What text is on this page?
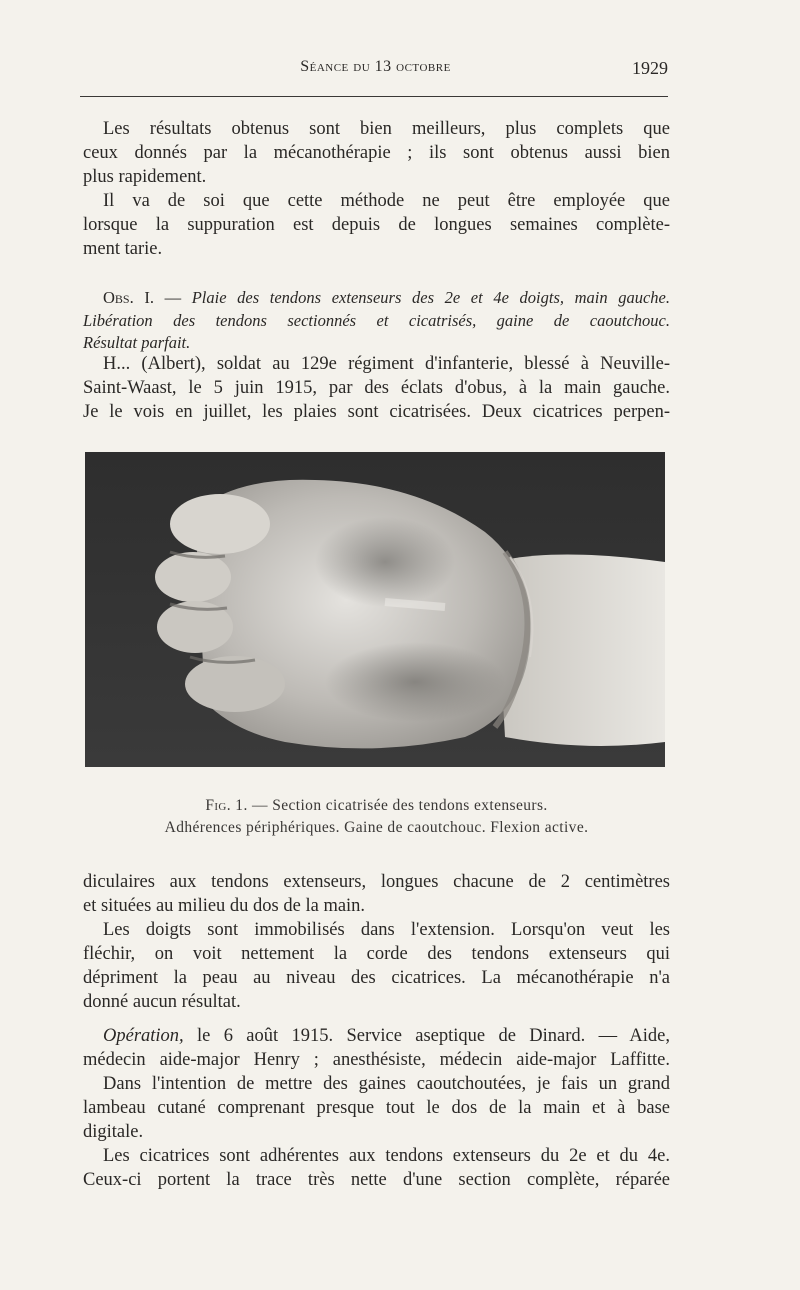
Séance du 13 octobre	1929

Les résultats obtenus sont bien meilleurs, plus complets que

ceux donnés par la mécanothérapie ; ils sont obtenus aussi bien

plus rapidement.

Il va de soi que cette méthode ne peut être employée que

lorsque la suppuration est depuis de longues semaines complète-

ment tarie.

Obs. I. — Plaie des tendons extenseurs des 2e et 4e doigts, main gauche.

Libération des tendons sectionnés et cicatrisés, gaine de caoutchouc.

Résultat parfait.

H... (Albert), soldat au 129e régiment d'infanterie, blessé à Neuville-

Saint-Waast, le 5 juin 1915, par des éclats d'obus, à la main gauche.

Je le vois en juillet, les plaies sont cicatrisées. Deux cicatrices perpen-

Fig. 1. — Section cicatrisée des tendons extenseurs.
Adhérences périphériques. Gaine de caoutchouc. Flexion active.

diculaires aux tendons extenseurs, longues chacune de 2 centimètres

et situées au milieu du dos de la main.

Les doigts sont immobilisés dans l'extension. Lorsqu'on veut les

fléchir, on voit nettement la corde des tendons extenseurs qui

dépriment la peau au niveau des cicatrices. La mécanothérapie n'a

donné aucun résultat.

Opération, le 6 août 1915. Service aseptique de Dinard. — Aide,

médecin aide-major Henry ; anesthésiste, médecin aide-major Laffitte.

Dans l'intention de mettre des gaines caoutchoutées, je fais un grand

lambeau cutané comprenant presque tout le dos de la main et à base

digitale.

Les cicatrices sont adhérentes aux tendons extenseurs du 2e et du 4e.

Ceux-ci portent la trace très nette d'une section complète, réparée
